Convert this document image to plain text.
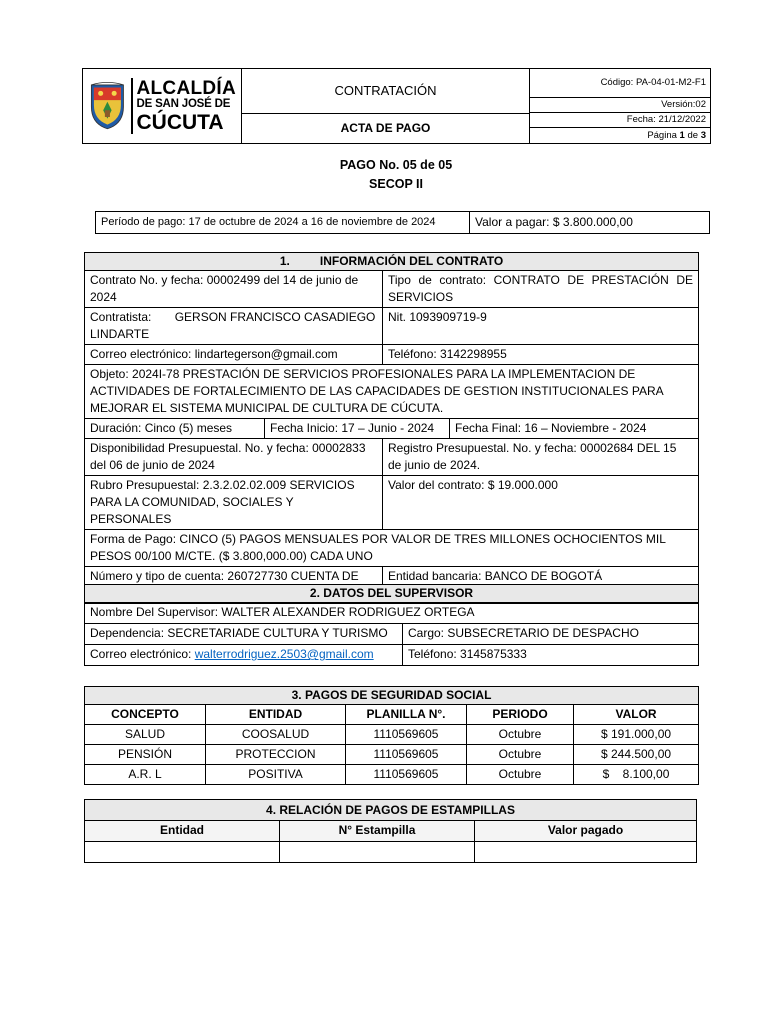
ALCALDÍA
DE SAN JOSÉ DE
CÚCUTA
	CONTRATACIÓN	
Código: PA-04-01-M2-F1
Versión:02
Fecha: 21/12/2022
Página 1 de 3

ACTA DE PAGO
PAGO No. 05 de 05
SECOP II
Período de pago: 17 de octubre de 2024 a 16 de noviembre de 2024	Valor a pagar: $ 3.800.000,00
1. INFORMACIÓN DEL CONTRATO			
Contrato No. y fecha: 00002499 del 14 de junio de 2024		Tipo de contrato: CONTRATO DE PRESTACIÓN DE SERVICIOS	
Contratista:       GERSON FRANCISCO CASADIEGO LINDARTE		Nit. 1093909719-9	
Correo electrónico: lindartegerson@gmail.com		Teléfono: 3142298955	
Objeto: 2024I-78 PRESTACIÓN DE SERVICIOS PROFESIONALES PARA LA IMPLEMENTACION DE ACTIVIDADES DE FORTALECIMIENTO DE LAS CAPACIDADES DE GESTION INSTITUCIONALES PARA MEJORAR EL SISTEMA MUNICIPAL DE CULTURA DE CÚCUTA.			
Duración: Cinco (5) meses	Fecha Inicio: 17 – Junio - 2024		Fecha Final: 16 – Noviembre - 2024
Disponibilidad Presupuestal. No. y fecha: 00002833 del 06 de junio de 2024		Registro Presupuestal. No. y fecha: 00002684 DEL 15 de junio de 2024.	
Rubro Presupuestal: 2.3.2.02.02.009 SERVICIOS PARA LA COMUNIDAD, SOCIALES Y PERSONALES		Valor del contrato: $ 19.000.000	
Forma de Pago: CINCO (5) PAGOS MENSUALES POR VALOR DE TRES MILLONES OCHOCIENTOS MIL PESOS 00/100 M/CTE. ($ 3.800,000.00) CADA UNO			
Número y tipo de cuenta: 260727730 CUENTA DE		Entidad bancaria: BANCO DE BOGOTÁ	
2. DATOS DEL SUPERVISOR	
Nombre Del Supervisor: WALTER ALEXANDER RODRIGUEZ ORTEGA	
Dependencia: SECRETARIADE CULTURA Y TURISMO	Cargo: SUBSECRETARIO DE DESPACHO
Correo electrónico: walterrodriguez.2503@gmail.com	Teléfono: 3145875333
3. PAGOS DE SEGURIDAD SOCIAL				
CONCEPTO	ENTIDAD	PLANILLA N°.	PERIODO	VALOR
SALUD	COOSALUD	1110569605	Octubre	$ 191.000,00
PENSIÓN	PROTECCION	1110569605	Octubre	$ 244.500,00
A.R. L	POSITIVA	1110569605	Octubre	$    8.100,00
4. RELACIÓN DE PAGOS DE ESTAMPILLAS		
Entidad	N° Estampilla	Valor pagado
